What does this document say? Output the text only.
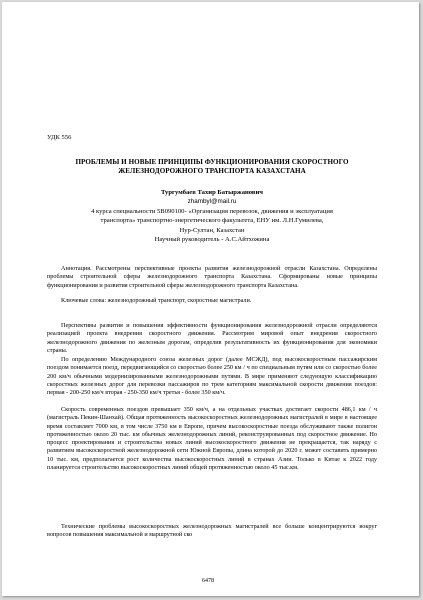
УДК 556
ПРОБЛЕМЫ И НОВЫЕ ПРИНЦИПЫ ФУНКЦИОНИРОВАНИЯ СКОРОСТНОГО
ЖЕЛЕЗНОДОРОЖНОГО ТРАНСПОРТА КАЗАХСТАНА
Тургумбаев Тахир Батыржанович
zhambyl@mail.ru
4 курса специальности 5В090100- «Организация перевозок, движения и эксплуатация
транспорта» транспортно-энергетического факультета, ЕНУ им. Л.Н.Гумилева,
Нур-Султан, Казахстан
Научный руководитель - А.С.Айтхожина

Аннотация. Рассмотрены перспективные проекты развития железнодорожной отрасли Казахстана. Определены проблемы строительной сферы железнодорожного транспорта Казахстана. Сформированы новые принципы функционирования и развития строительной сферы железнодорожного транспорта Казахстана.

Ключевые слова: железнодорожный транспорт, скоростные магистрали.

Перспективы развития и повышения эффективности функционирования железнодорожной отрасли определяются реализацией проекта внедрения скоростного движения. Рассмотрим мировой опыт внедрения скоростного железнодорожного движения по железным дорогам, определив результативность их функционирования для экономики страны.

По определению Международного союза железных дорог (далее МСЖД), под высокоскоростным пассажирским поездом понимается поезд, передвигающийся со скоростью более 250 км / ч по специальным путям или со скоростью более 200 км/ч обычными модернизированными железнодорожными путями. В мире применяют следующую классификацию скоростных железных дорог для перевозки пассажиров по трем категориям максимальной скорости движения поездов: первая - 200-250 км/ч вторая - 250-350 км/ч третья - более 350 км/ч.

Скорость современных поездов превышает 350 км/ч, а на отдельных участках достигает скорости 486,1 км / ч (магистраль Пекин-Шанхай). Общая протяженность высокоскоростных железнодорожных магистралей в мире в настоящее время составляет 7000 км, в том числе 3750 км в Европе, причем высокоскоростные поезда обслуживают также полигон протяженностью около 20 тыс. км обычных железнодорожных линий, реконструированных под скоростное движение. Но процесс проектирования и строительства новых линий высокоскоростного движения не прекращается, так наряду с развитием высокоскоростной железнодорожной сети Южной Европы, длина которой до 2020 г. может составить примерно 10 тыс. км, предполагается рост количества высокоскоростных линий в странах Азии. Только в Китае к 2022 году планируется строительство высокоскоростных линий общей протяженностью около 45 тыс.км.

Технические проблемы высокоскоростных железнодорожных магистралей все больше концентрируются вокруг вопросов повышения максимальной и маршрутной ско

6478
